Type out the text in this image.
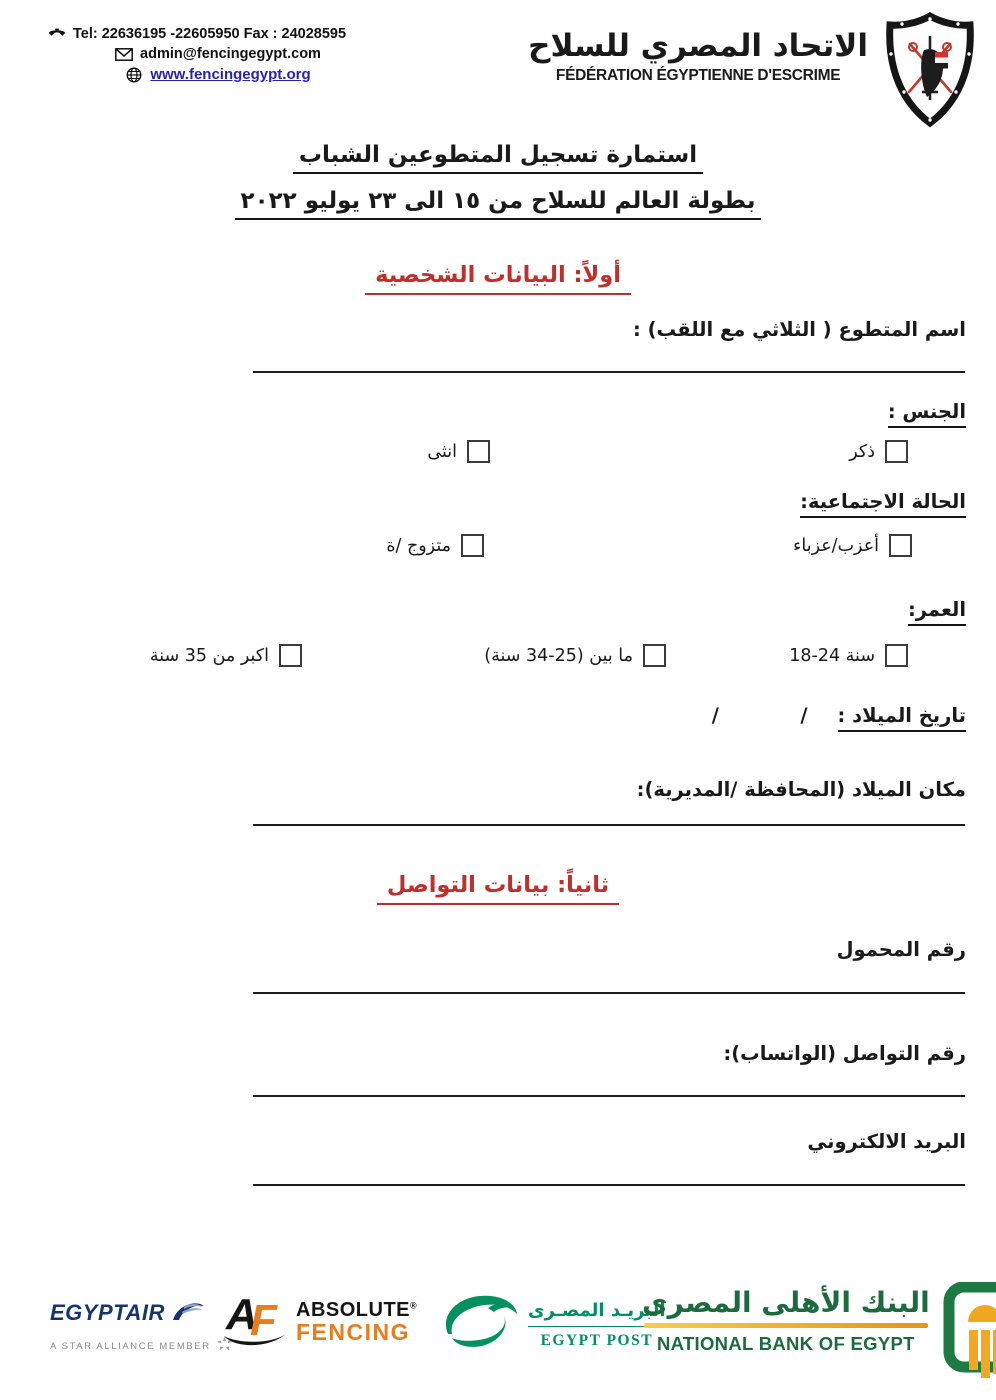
Tel: 22636195 -22605950 Fax : 24028595
admin@fencingegypt.com
www.fencingegypt.org
الاتحاد المصري للسلاح
FÉDÉRATION ÉGYPTIENNE D'ESCRIME
استمارة تسجيل المتطوعين الشباب
بطولة العالم للسلاح من ١٥ الى ٢٣ يوليو ٢٠٢٢
أولاً: البيانات الشخصية
اسم المتطوع ( الثلاثي مع اللقب) :
الجنس :
ذكر
انثى
الحالة الاجتماعية:
أعزب/عزباء
متزوج /ة
العمر:
سنة 24-18
ما بين (25-34 سنة)
اكبر من 35 سنة
تاريخ الميلاد :
/            /
مكان الميلاد (المحافظة /المديرية):
ثانياً: بيانات التواصل
رقم المحمول
رقم التواصل (الواتساب):
البريد الالكتروني
EGYPTAIR
A STAR ALLIANCE MEMBER
A
F ABSOLUTE®
FENCING
البريـد المصـرى
EGYPT POST
البنك الأهلى المصرى
NATIONAL BANK OF EGYPT
